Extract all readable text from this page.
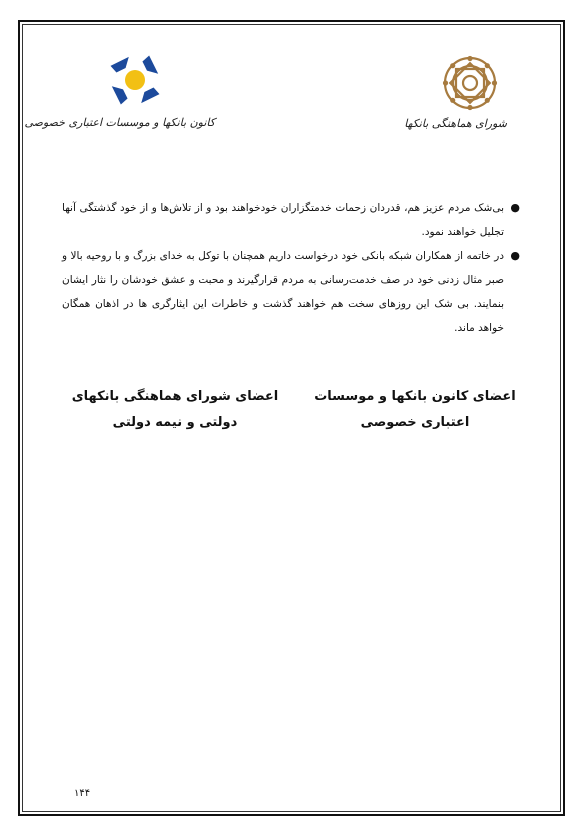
شورای هماهنگی بانکها
کانون بانکها و موسسات اعتباری خصوصی
●
بی‌شک مردم عزیز هم، قدردان زحمات خدمتگزاران خودخواهند بود و از تلاش‌ها و از خود گذشتگی آنها تجلیل خواهند نمود.
●
در خاتمه از همکاران شبکه بانکی خود درخواست داریم همچنان با توکل به خدای بزرگ و با روحیه بالا و صبر مثال زدنی خود در صف خدمت‌رسانی به مردم قرارگیرند و محبت و عشق خودشان را نثار ایشان بنمایند. بی شک این روزهای سخت هم خواهند گذشت و خاطرات این ایثارگری ها در اذهان همگان خواهد ماند.
اعضای کانون بانکها و موسسات اعتباری خصوصی
اعضای شورای هماهنگی بانکهای دولتی و نیمه دولتی
۱۴۴
